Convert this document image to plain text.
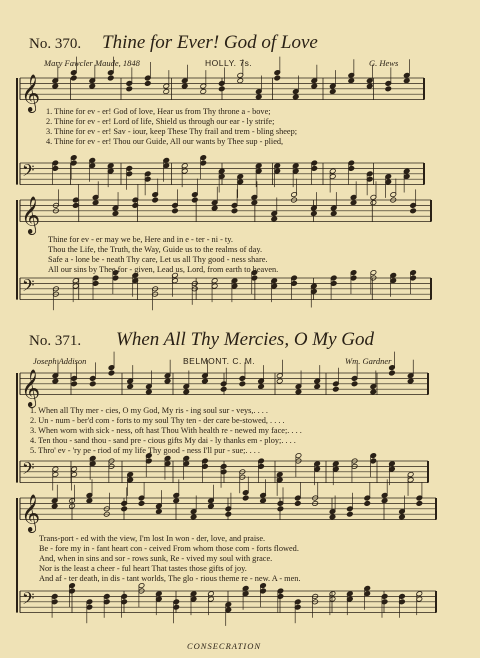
No. 370. Thine for Ever! God of Love
Mary Fawcler Maude, 1848	HOLLY. 7s.	G. Hews
𝄞
𝄢
𝄞
𝄢
𝄞
𝄢
𝄞
𝄢
1. Thine for ev - er! God of love, Hear us from Thy throne a - bove;
2. Thine for ev - er! Lord of life, Shield us through our ear - ly strife;
3. Thine for ev - er! Sav - iour, keep These Thy frail and trem - bling sheep;
4. Thine for ev - er! Thou our Guide, All our wants by Thee sup - plied,
Thine for ev - er may we be, Here and in e - ter - ni - ty.
Thou the Life, the Truth, the Way, Guide us to the realms of day.
Safe a - lone be - neath Thy care, Let us all Thy good - ness share.
All our sins by Thee for - given, Lead us, Lord, from earth to heaven.
No. 371. When All Thy Mercies, O My God
Joseph Addison	BELMONT. C. M.	Wm. Gardner
1. When all Thy mer - cies, O my God, My ris - ing soul sur - veys,. . . .
2. Un - num - ber'd com - forts to my soul Thy ten - der care be-stowed, . . . .
3. When worn with sick - ness, oft hast Thou With health re - newed my face;. . . .
4. Ten thou - sand thou - sand pre - cious gifts My dai - ly thanks em - ploy;. . . .
5. Thro' ev - 'ry pe - riod of my life Thy good - ness I'll pur - sue;. . . .
Trans-port - ed with the view, I'm lost In won - der, love, and praise.
Be - fore my in - fant heart con - ceived From whom those com - forts flowed.
And, when in sins and sor - rows sunk, Re - vived my soul with grace.
Nor is the least a cheer - ful heart That tastes those gifts of joy.
And af - ter death, in dis - tant worlds, The glo - rious theme re - new. A - men.
CONSECRATION
